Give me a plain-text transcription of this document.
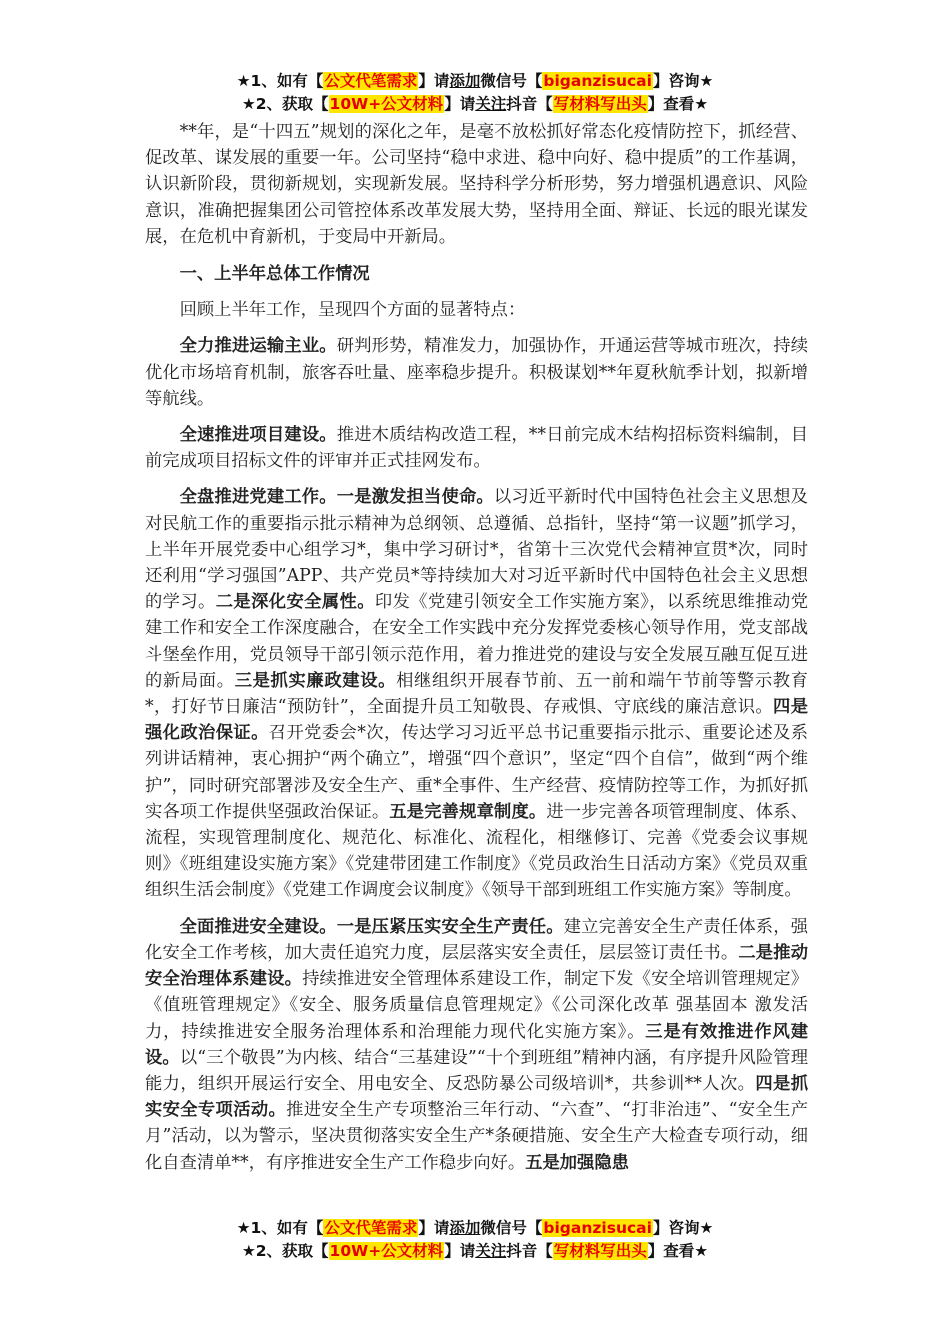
★1、如有【公文代笔需求】请添加微信号【biganzisucai】咨询★
★2、获取【10W+公文材料】请关注抖音【写材料写出头】查看★

**年，是“十四五”规划的深化之年，是毫不放松抓好常态化疫情防控下，抓经营、促改革、谋发展的重要一年。公司坚持“稳中求进、稳中向好、稳中提质”的工作基调，认识新阶段，贯彻新规划，实现新发展。坚持科学分析形势，努力增强机遇意识、风险意识，准确把握集团公司管控体系改革发展大势，坚持用全面、辩证、长远的眼光谋发展，在危机中育新机，于变局中开新局。

一、上半年总体工作情况

回顾上半年工作，呈现四个方面的显著特点：

全力推进运输主业。研判形势，精准发力，加强协作，开通运营等城市班次，持续优化市场培育机制，旅客吞吐量、座率稳步提升。积极谋划**年夏秋航季计划，拟新增等航线。

全速推进项目建设。推进木质结构改造工程，**日前完成木结构招标资料编制，目前完成项目招标文件的评审并正式挂网发布。

全盘推进党建工作。一是激发担当使命。以习近平新时代中国特色社会主义思想及对民航工作的重要指示批示精神为总纲领、总遵循、总指针，坚持“第一议题”抓学习，上半年开展党委中心组学习*，集中学习研讨*，省第十三次党代会精神宣贯*次，同时还利用“学习强国”APP、共产党员*等持续加大对习近平新时代中国特色社会主义思想的学习。二是深化安全属性。印发《党建引领安全工作实施方案》，以系统思维推动党建工作和安全工作深度融合，在安全工作实践中充分发挥党委核心领导作用，党支部战斗堡垒作用，党员领导干部引领示范作用，着力推进党的建设与安全发展互融互促互进的新局面。三是抓实廉政建设。相继组织开展春节前、五一前和端午节前等警示教育*，打好节日廉洁“预防针”，全面提升员工知敬畏、存戒惧、守底线的廉洁意识。四是强化政治保证。召开党委会*次，传达学习习近平总书记重要指示批示、重要论述及系列讲话精神，衷心拥护“两个确立”，增强“四个意识”，坚定“四个自信”，做到“两个维护”，同时研究部署涉及安全生产、重*全事件、生产经营、疫情防控等工作，为抓好抓实各项工作提供坚强政治保证。五是完善规章制度。进一步完善各项管理制度、体系、流程，实现管理制度化、规范化、标准化、流程化，相继修订、完善《党委会议事规则》《班组建设实施方案》《党建带团建工作制度》《党员政治生日活动方案》《党员双重组织生活会制度》《党建工作调度会议制度》《领导干部到班组工作实施方案》等制度。

全面推进安全建设。一是压紧压实安全生产责任。建立完善安全生产责任体系，强化安全工作考核，加大责任追究力度，层层落实安全责任，层层签订责任书。二是推动安全治理体系建设。持续推进安全管理体系建设工作，制定下发《安全培训管理规定》《值班管理规定》《安全、服务质量信息管理规定》《公司深化改革 强基固本 激发活力，持续推进安全服务治理体系和治理能力现代化实施方案》。三是有效推进作风建设。以“三个敬畏”为内核、结合“三基建设”“十个到班组”精神内涵，有序提升风险管理能力，组织开展运行安全、用电安全、反恐防暴公司级培训*，共参训**人次。四是抓实安全专项活动。推进安全生产专项整治三年行动、“六查”、“打非治违”、“安全生产月”活动，以为警示，坚决贯彻落实安全生产*条硬措施、安全生产大检查专项行动，细化自查清单**，有序推进安全生产工作稳步向好。五是加强隐患

★1、如有【公文代笔需求】请添加微信号【biganzisucai】咨询★
★2、获取【10W+公文材料】请关注抖音【写材料写出头】查看★
